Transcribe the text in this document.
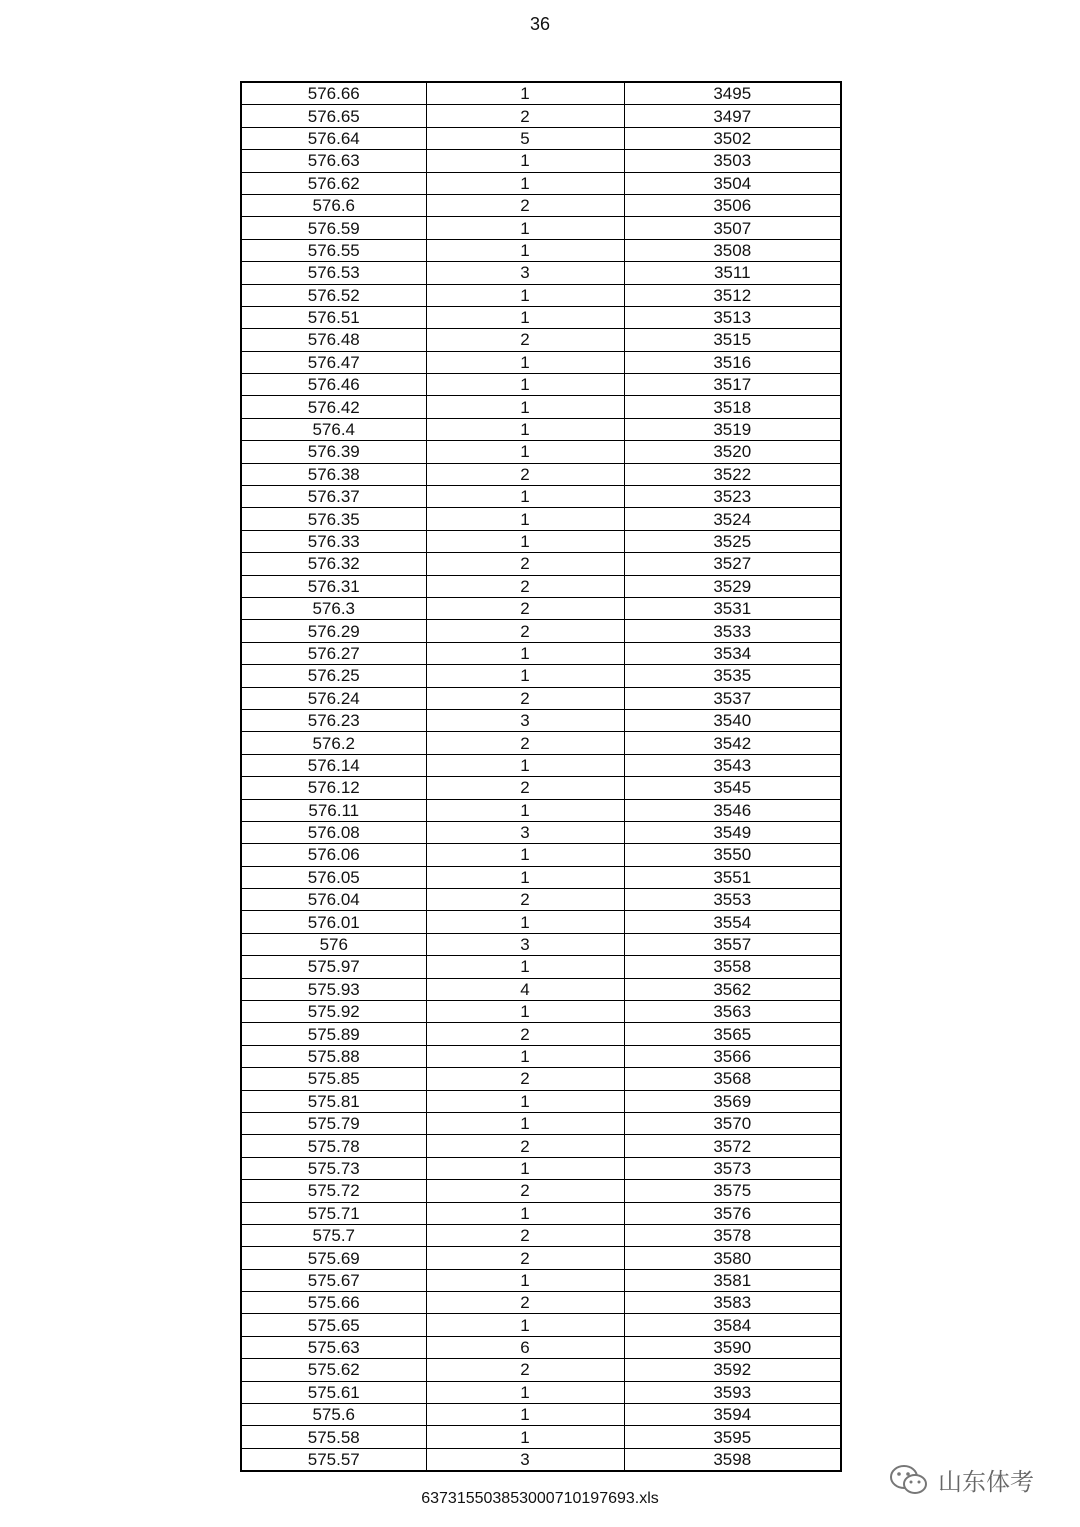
36
576.66	1	3495
576.65	2	3497
576.64	5	3502
576.63	1	3503
576.62	1	3504
576.6	2	3506
576.59	1	3507
576.55	1	3508
576.53	3	3511
576.52	1	3512
576.51	1	3513
576.48	2	3515
576.47	1	3516
576.46	1	3517
576.42	1	3518
576.4	1	3519
576.39	1	3520
576.38	2	3522
576.37	1	3523
576.35	1	3524
576.33	1	3525
576.32	2	3527
576.31	2	3529
576.3	2	3531
576.29	2	3533
576.27	1	3534
576.25	1	3535
576.24	2	3537
576.23	3	3540
576.2	2	3542
576.14	1	3543
576.12	2	3545
576.11	1	3546
576.08	3	3549
576.06	1	3550
576.05	1	3551
576.04	2	3553
576.01	1	3554
576	3	3557
575.97	1	3558
575.93	4	3562
575.92	1	3563
575.89	2	3565
575.88	1	3566
575.85	2	3568
575.81	1	3569
575.79	1	3570
575.78	2	3572
575.73	1	3573
575.72	2	3575
575.71	1	3576
575.7	2	3578
575.69	2	3580
575.67	1	3581
575.66	2	3583
575.65	1	3584
575.63	6	3590
575.62	2	3592
575.61	1	3593
575.6	1	3594
575.58	1	3595
575.57	3	3598
山东体考
637315503853000710197693.xls
